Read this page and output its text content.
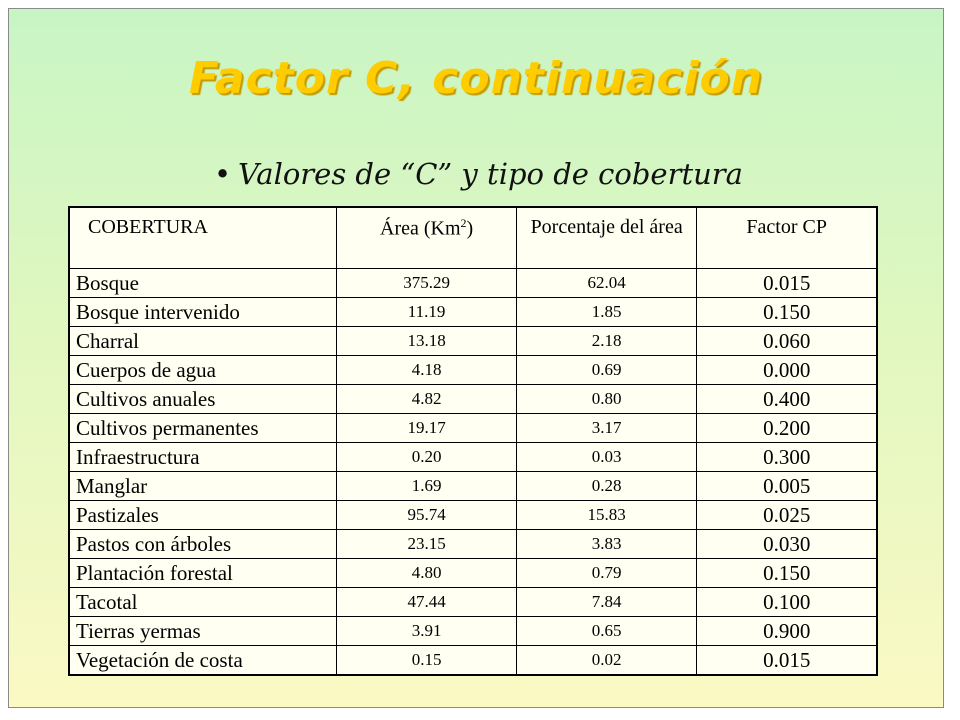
Factor C, continuación
• Valores de “C” y tipo de cobertura
COBERTURA	Área (Km$^2$)	Porcentaje del área	Factor CP
Bosque	375.29	62.04	0.015
Bosque intervenido	11.19	1.85	0.150
Charral	13.18	2.18	0.060
Cuerpos de agua	4.18	0.69	0.000
Cultivos anuales	4.82	0.80	0.400
Cultivos permanentes	19.17	3.17	0.200
Infraestructura	0.20	0.03	0.300
Manglar	1.69	0.28	0.005
Pastizales	95.74	15.83	0.025
Pastos con árboles	23.15	3.83	0.030
Plantación forestal	4.80	0.79	0.150
Tacotal	47.44	7.84	0.100
Tierras yermas	3.91	0.65	0.900
Vegetación de costa	0.15	0.02	0.015
